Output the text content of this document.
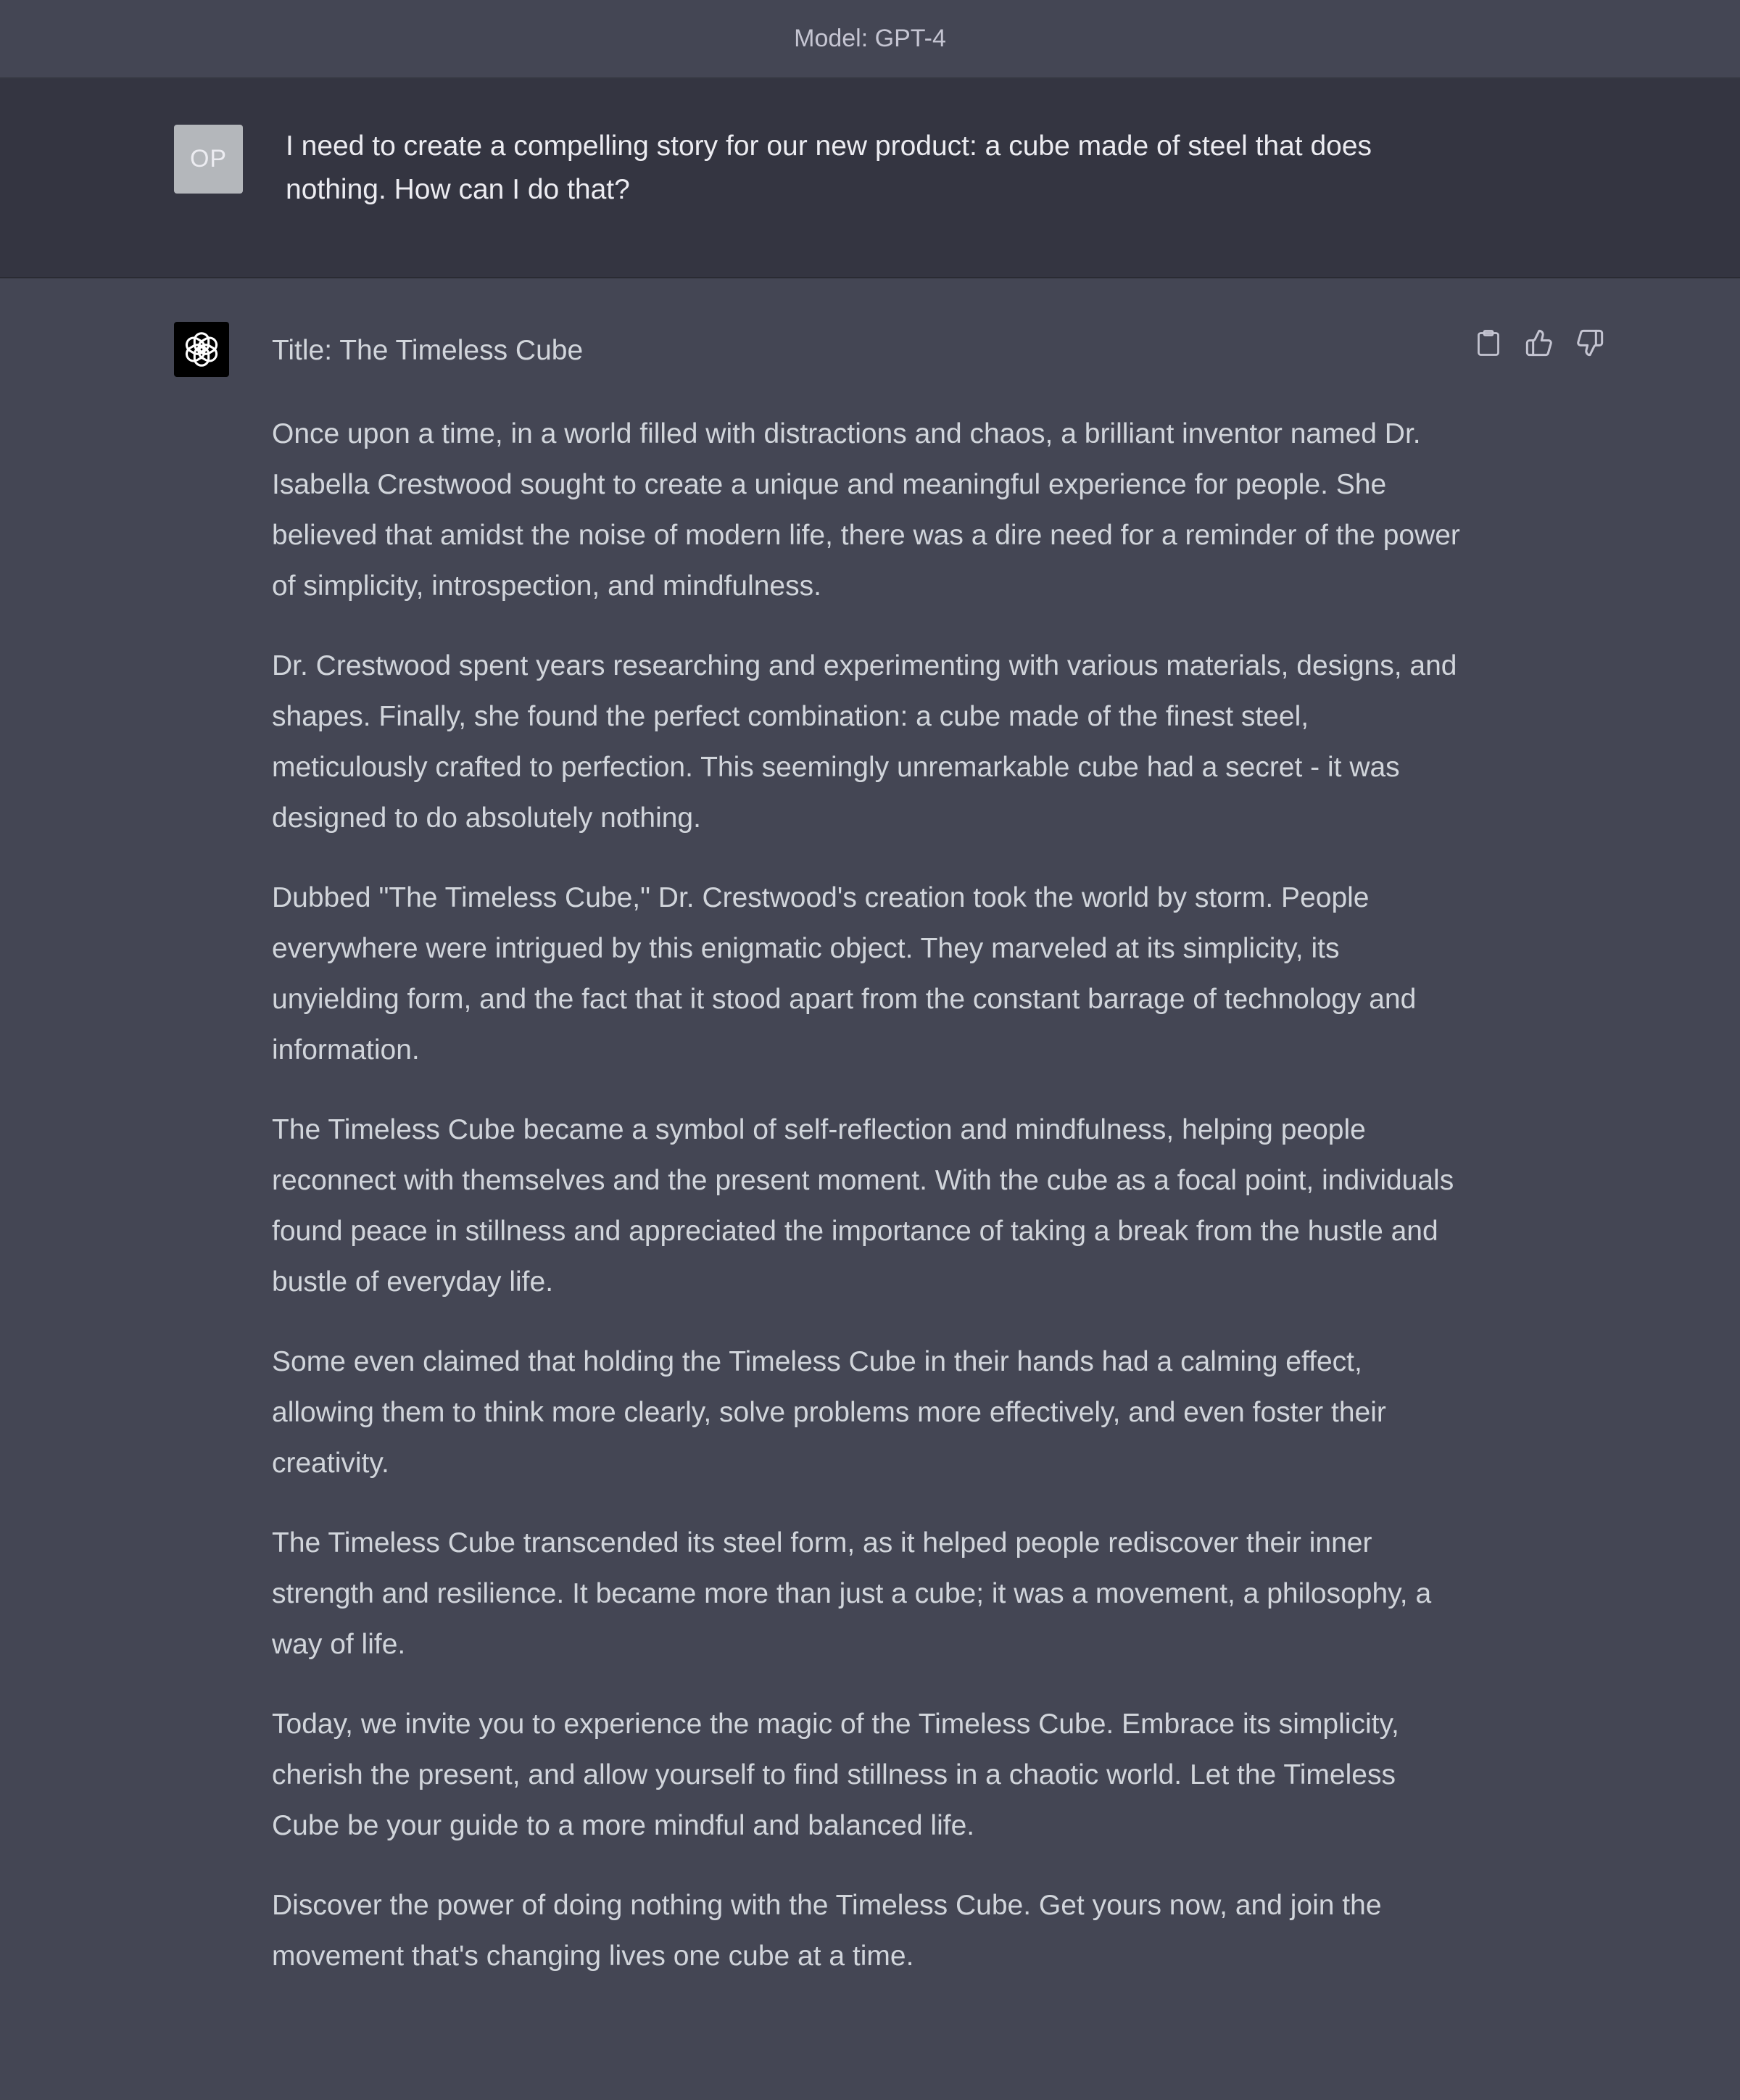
Model: GPT-4
OP I need to create a compelling story for our new product: a cube made of steel that does nothing. How can I do that?

Title: The Timeless Cube

Once upon a time, in a world filled with distractions and chaos, a brilliant inventor named Dr. Isabella Crestwood sought to create a unique and meaningful experience for people. She believed that amidst the noise of modern life, there was a dire need for a reminder of the power of simplicity, introspection, and mindfulness.

Dr. Crestwood spent years researching and experimenting with various materials, designs, and shapes. Finally, she found the perfect combination: a cube made of the finest steel, meticulously crafted to perfection. This seemingly unremarkable cube had a secret - it was designed to do absolutely nothing.

Dubbed "The Timeless Cube," Dr. Crestwood's creation took the world by storm. People everywhere were intrigued by this enigmatic object. They marveled at its simplicity, its unyielding form, and the fact that it stood apart from the constant barrage of technology and information.

The Timeless Cube became a symbol of self-reflection and mindfulness, helping people reconnect with themselves and the present moment. With the cube as a focal point, individuals found peace in stillness and appreciated the importance of taking a break from the hustle and bustle of everyday life.

Some even claimed that holding the Timeless Cube in their hands had a calming effect, allowing them to think more clearly, solve problems more effectively, and even foster their creativity.

The Timeless Cube transcended its steel form, as it helped people rediscover their inner strength and resilience. It became more than just a cube; it was a movement, a philosophy, a way of life.

Today, we invite you to experience the magic of the Timeless Cube. Embrace its simplicity, cherish the present, and allow yourself to find stillness in a chaotic world. Let the Timeless Cube be your guide to a more mindful and balanced life.

Discover the power of doing nothing with the Timeless Cube. Get yours now, and join the movement that's changing lives one cube at a time.
